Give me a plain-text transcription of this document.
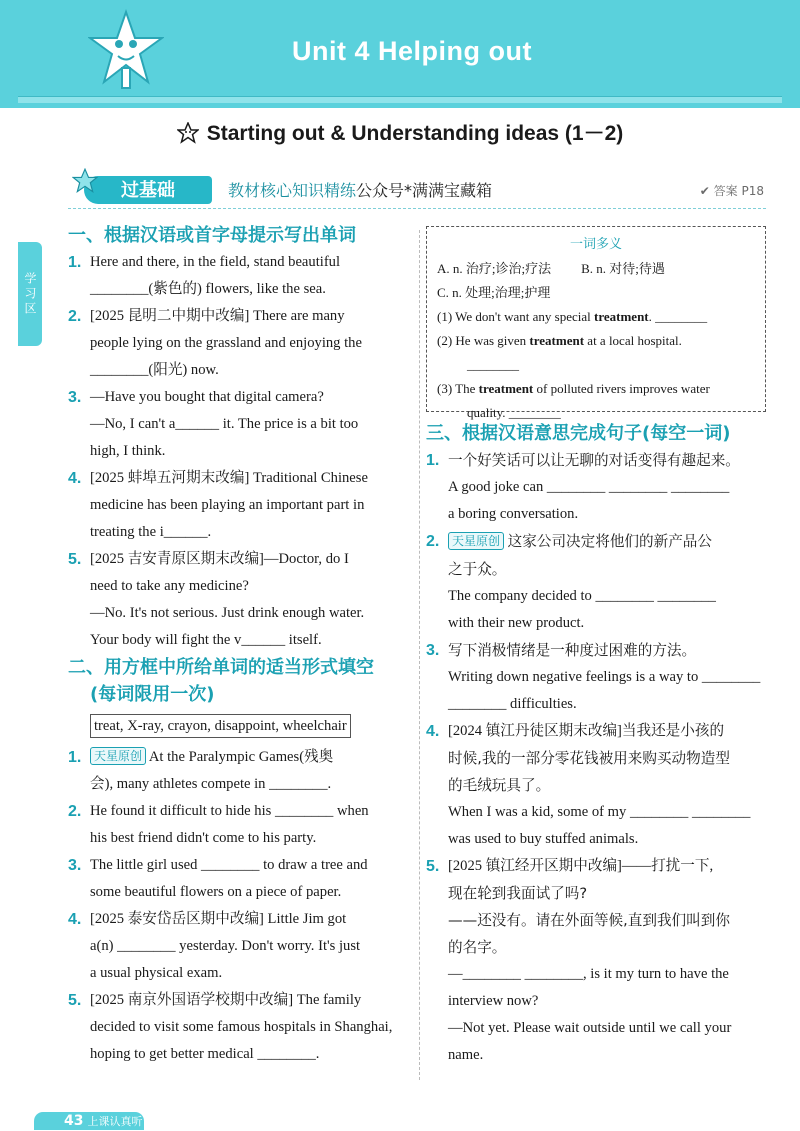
Unit 4 Helping out
Starting out & Understanding ideas (1－2)
过基础	教材核心知识精练公众号*满满宝藏箱	✔ 答案 P18
学习区

一、根据汉语或首字母提示写出单词

1. Here and there, in the field, stand beautiful
________(紫色的) flowers, like the sea.
2. [2025 昆明二中期中改编] There are many
people lying on the grassland and enjoying the
________(阳光) now.
3. —Have you bought that digital camera?
—No, I can't a______ it. The price is a bit too
high, I think.
4. [2025 蚌埠五河期末改编] Traditional Chinese
medicine has been playing an important part in
treating the i______.
5. [2025 吉安青原区期末改编]—Doctor, do I
need to take any medicine?
—No. It's not serious. Just drink enough water.
Your body will fight the v______ itself.

二、用方框中所给单词的适当形式填空

(每词限用一次)

treat, X-ray, crayon, disappoint, wheelchair
1.	天星原创 At the Paralympic Games(残奥
会), many athletes compete in ________.
2. He found it difficult to hide his ________ when
his best friend didn't come to his party.
3. The little girl used ________ to draw a tree and
some beautiful flowers on a piece of paper.
4. [2025 泰安岱岳区期中改编] Little Jim got
a(n) ________ yesterday. Don't worry. It's just
a usual physical exam.
5. [2025 南京外国语学校期中改编] The family
decided to visit some famous hospitals in Shanghai,
hoping to get better medical ________.
一词多义
A. n. 治疗;诊治;疗法 B. n. 对待;待遇
C. n. 处理;治理;护理
(1) We don't want any special treatment. ________
(2) He was given treatment at a local hospital.
________
(3) The treatment of polluted rivers improves water
quality. ________

三、根据汉语意思完成句子(每空一词)

1. 一个好笑话可以让无聊的对话变得有趣起来。
A good joke can ________ ________ ________
a boring conversation.
2.	天星原创 这家公司决定将他们的新产品公
之于众。
The company decided to ________ ________
with their new product.
3. 写下消极情绪是一种度过困难的方法。
Writing down negative feelings is a way to ________
________ difficulties.
4. [2024 镇江丹徒区期末改编]当我还是小孩的
时候,我的一部分零花钱被用来购买动物造型
的毛绒玩具了。
When I was a kid, some of my ________ ________
was used to buy stuffed animals.
5. [2025 镇江经开区期中改编]——打扰一下,
现在轮到我面试了吗?
——还没有。请在外面等候,直到我们叫到你
的名字。
—________ ________, is it my turn to have the
interview now?
—Not yet. Please wait outside until we call your
name.
43 上课认真听
